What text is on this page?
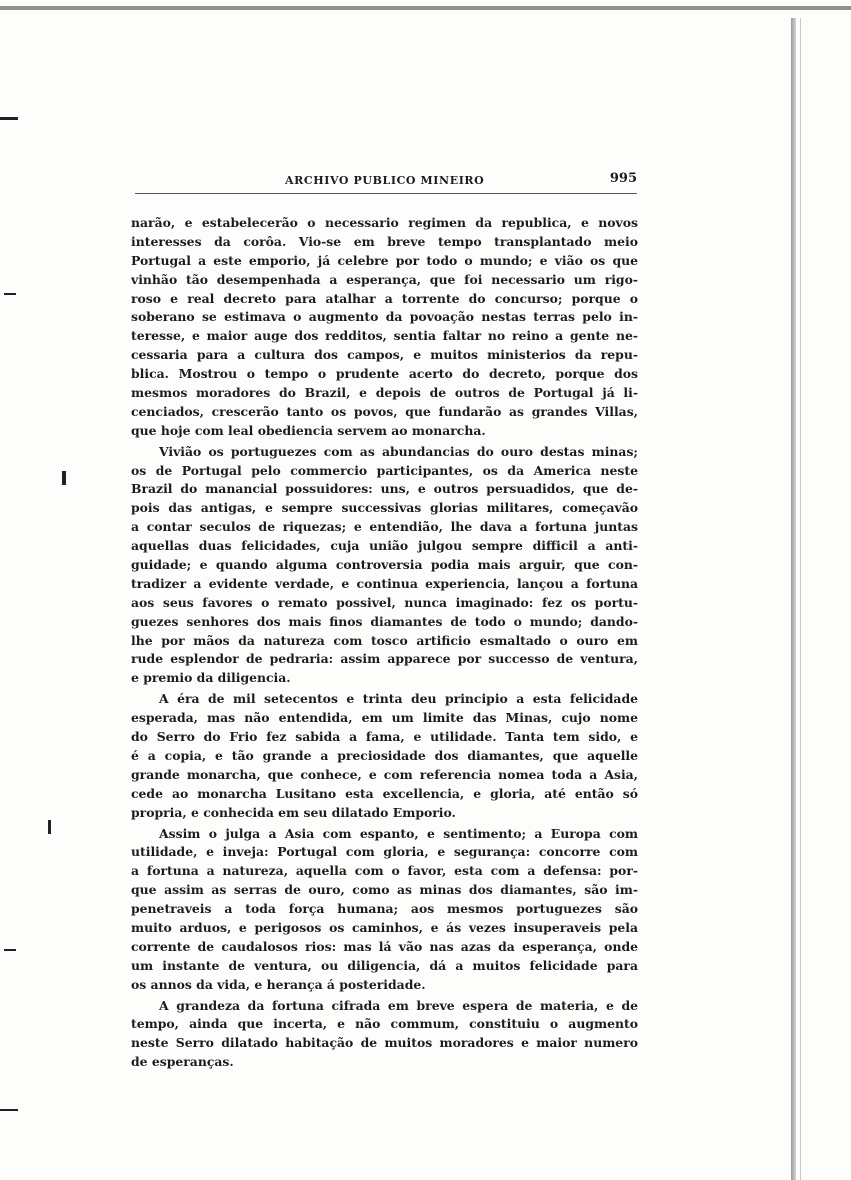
ARCHIVO PUBLICO MINEIRO	995
narão, e estabelecerão o necessario regimen da republica, e novos
interesses da corôa. Vio-se em breve tempo transplantado meio
Portugal a este emporio, já celebre por todo o mundo; e vião os que
vinhão tão desempenhada a esperança, que foi necessario um rigo-
roso e real decreto para atalhar a torrente do concurso; porque o
soberano se estimava o augmento da povoação nestas terras pelo in-
teresse, e maior auge dos redditos, sentia faltar no reino a gente ne-
cessaria para a cultura dos campos, e muitos ministerios da repu-
blica. Mostrou o tempo o prudente acerto do decreto, porque dos
mesmos moradores do Brazil, e depois de outros de Portugal já li-
cenciados, crescerão tanto os povos, que fundarão as grandes Villas,
que hoje com leal obediencia servem ao monarcha.
Vivião os portuguezes com as abundancias do ouro destas minas;
os de Portugal pelo commercio participantes, os da America neste
Brazil do manancial possuidores: uns, e outros persuadidos, que de-
pois das antigas, e sempre successivas glorias militares, começavão
a contar seculos de riquezas; e entendião, lhe dava a fortuna juntas
aquellas duas felicidades, cuja união julgou sempre difficil a anti-
guidade; e quando alguma controversia podia mais arguir, que con-
tradizer a evidente verdade, e continua experiencia, lançou a fortuna
aos seus favores o remato possivel, nunca imaginado: fez os portu-
guezes senhores dos mais finos diamantes de todo o mundo; dando-
lhe por mãos da natureza com tosco artificio esmaltado o ouro em
rude esplendor de pedraria: assim apparece por successo de ventura,
e premio da diligencia.
A éra de mil setecentos e trinta deu principio a esta felicidade
esperada, mas não entendida, em um limite das Minas, cujo nome
do Serro do Frio fez sabida a fama, e utilidade. Tanta tem sido, e
é a copia, e tão grande a preciosidade dos diamantes, que aquelle
grande monarcha, que conhece, e com referencia nomea toda a Asia,
cede ao monarcha Lusitano esta excellencia, e gloria, até então só
propria, e conhecida em seu dilatado Emporio.
Assim o julga a Asia com espanto, e sentimento; a Europa com
utilidade, e inveja: Portugal com gloria, e segurança: concorre com
a fortuna a natureza, aquella com o favor, esta com a defensa: por-
que assim as serras de ouro, como as minas dos diamantes, são im-
penetraveis a toda força humana; aos mesmos portuguezes são
muito arduos, e perigosos os caminhos, e ás vezes insuperaveis pela
corrente de caudalosos rios: mas lá vão nas azas da esperança, onde
um instante de ventura, ou diligencia, dá a muitos felicidade para
os annos da vida, e herança á posteridade.
A grandeza da fortuna cifrada em breve espera de materia, e de
tempo, ainda que incerta, e não commum, constituiu o augmento
neste Serro dilatado habitação de muitos moradores e maior numero
de esperanças.
